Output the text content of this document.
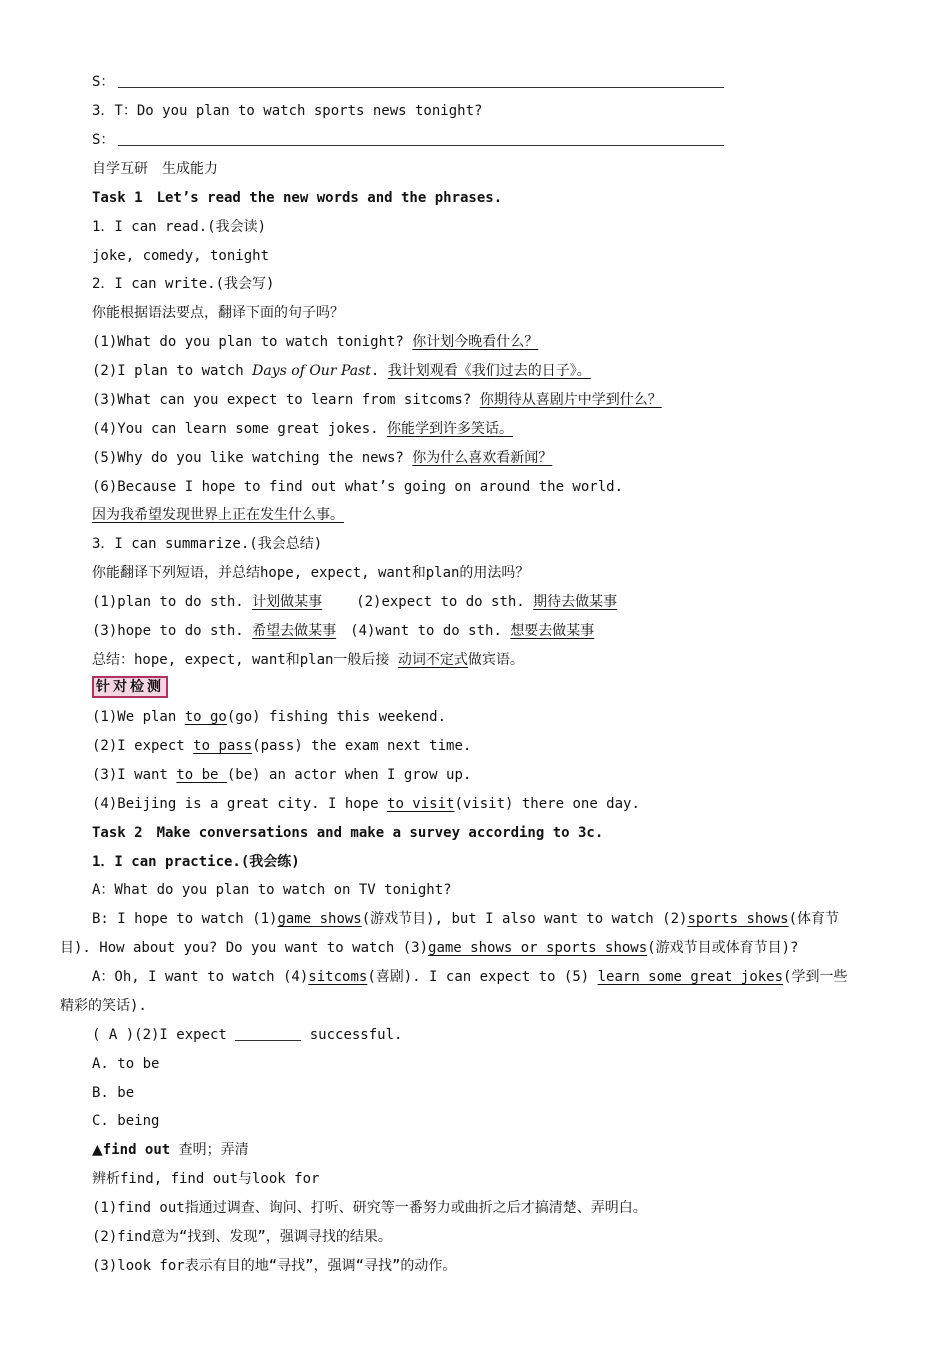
S：
3．T：Do you plan to watch sports news tonight?
S：
自学互研　生成能力
Task 1　Let’s read the new words and the phrases.
1．I can read.(我会读)
joke, comedy, tonight
2．I can write.(我会写)
你能根据语法要点，翻译下面的句子吗？
(1)What do you plan to watch tonight? 你计划今晚看什么？
(2)I plan to watch Days of Our Past. 我计划观看《我们过去的日子》。
(3)What can you expect to learn from sitcoms? 你期待从喜剧片中学到什么？
(4)You can learn some great jokes. 你能学到许多笑话。
(5)Why do you like watching the news? 你为什么喜欢看新闻？
(6)Because I hope to find out what’s going on around the world.
因为我希望发现世界上正在发生什么事。
3．I can summarize.(我会总结)
你能翻译下列短语，并总结hope, expect, want和plan的用法吗？
(1)plan to do sth. 计划做某事 (2)expect to do sth. 期待去做某事
(3)hope to do sth. 希望去做某事 (4)want to do sth. 想要去做某事
总结：hope, expect, want和plan一般后接 动词不定式做宾语。
针对检测
(1)We plan to go(go) fishing this weekend.
(2)I expect to pass(pass) the exam next time.
(3)I want to be (be) an actor when I grow up.
(4)Beijing is a great city. I hope to visit(visit) there one day.
Task 2　Make conversations and make a survey according to 3c.
1．I can practice.(我会练)
A：What do you plan to watch on TV tonight?
B: I hope to watch (1)game shows(游戏节目), but I also want to watch (2)sports shows(体育节
目). How about you? Do you want to watch (3)game shows or sports shows(游戏节目或体育节目)?
A：Oh, I want to watch (4)sitcoms(喜剧). I can expect to (5) learn some great jokes(学到一些
精彩的笑话).
( A )(2)I expect	successful.
A. to be
B. be
C. being
▲find out 查明；弄清
辨析find, find out与look for
(1)find out指通过调查、询问、打听、研究等一番努力或曲折之后才搞清楚、弄明白。
(2)find意为“找到、发现”，强调寻找的结果。
(3)look for表示有目的地“寻找”，强调“寻找”的动作。
